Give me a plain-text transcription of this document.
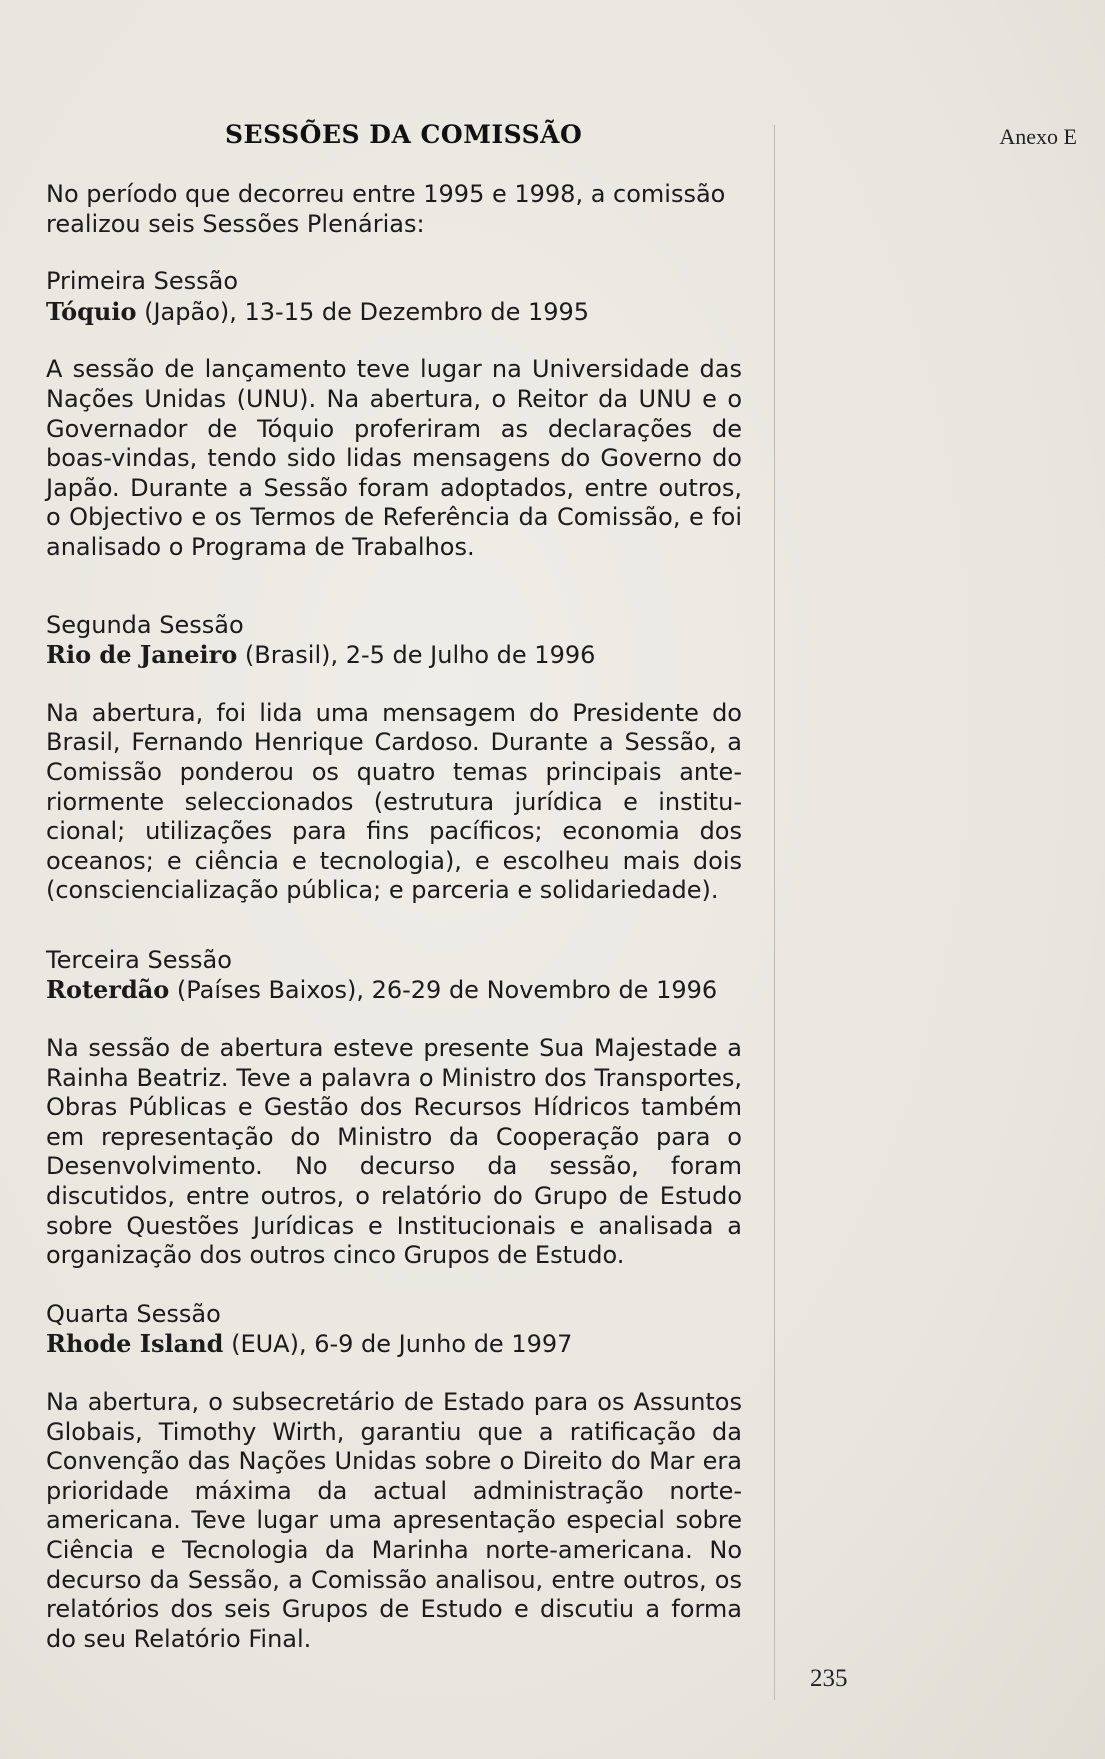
SESSÕES DA COMISSÃO	Anexo E

No período que decorreu entre 1995 e 1998, a comissão realizou seis Sessões Plenárias:

Primeira Sessão

Tóquio (Japão), 13-15 de Dezembro de 1995

A sessão de lançamento teve lugar na Universidade das Nações Unidas (UNU). Na abertura, o Reitor da UNU e o Governador de Tóquio proferiram as declarações de boas-vindas, tendo sido lidas mensagens do Governo do Japão. Durante a Sessão foram adoptados, entre outros, o Objectivo e os Termos de Referência da Comissão, e foi analisado o Programa de Trabalhos.

Segunda Sessão

Rio de Janeiro (Brasil), 2-5 de Julho de 1996

Na abertura, foi lida uma mensagem do Presidente do Brasil, Fernando Henrique Cardoso. Durante a Sessão, a Comissão ponderou os quatro temas principais anteriormente seleccionados (estrutura jurídica e institucional; utilizações para fins pacíficos; economia dos oceanos; e ciência e tecnologia), e escolheu mais dois (consciencialização pública; e parceria e solidariedade).

Terceira Sessão

Roterdão (Países Baixos), 26-29 de Novembro de 1996

Na sessão de abertura esteve presente Sua Majestade a Rainha Beatriz. Teve a palavra o Ministro dos Transportes, Obras Públicas e Gestão dos Recursos Hídricos também em representação do Ministro da Cooperação para o Desenvolvimento. No decurso da sessão, foram discutidos, entre outros, o relatório do Grupo de Estudo sobre Questões Jurídicas e Institucionais e analisada a organização dos outros cinco Grupos de Estudo.

Quarta Sessão

Rhode Island (EUA), 6-9 de Junho de 1997

Na abertura, o subsecretário de Estado para os Assuntos Globais, Timothy Wirth, garantiu que a ratificação da Convenção das Nações Unidas sobre o Direito do Mar era prioridade máxima da actual administração norte-americana. Teve lugar uma apresentação especial sobre Ciência e Tecnologia da Marinha norte-americana. No decurso da Sessão, a Comissão analisou, entre outros, os relatórios dos seis Grupos de Estudo e discutiu a forma do seu Relatório Final.

235
